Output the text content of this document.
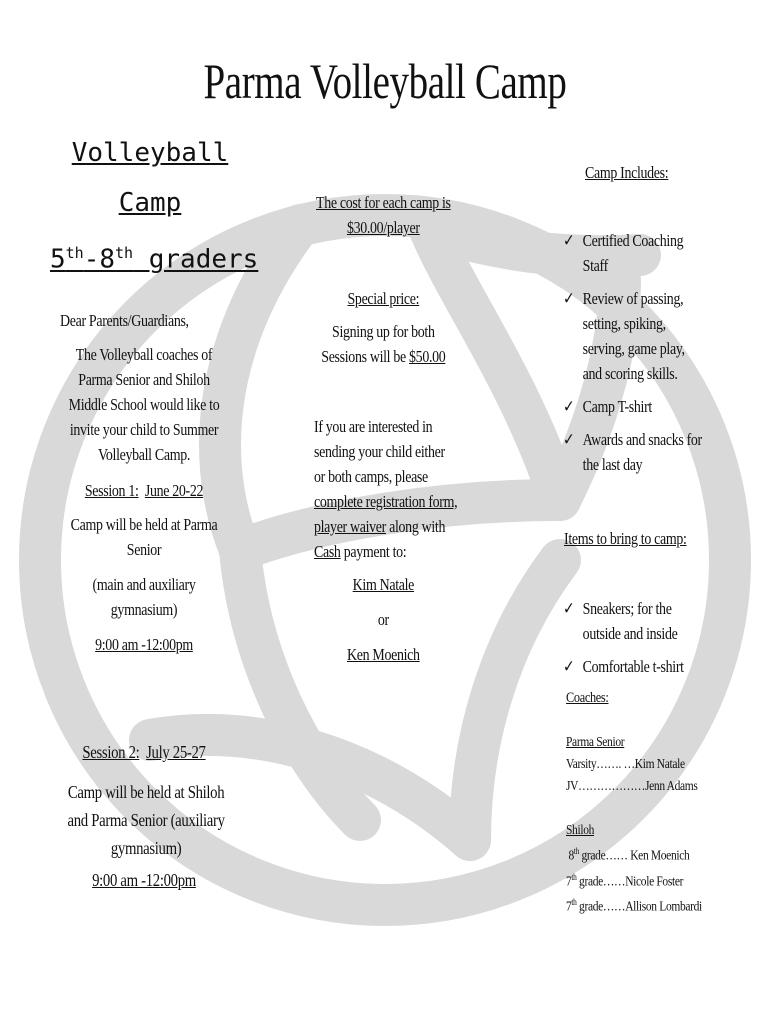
Parma Volleyball Camp
Volleyball
Camp
5th-8th graders
Dear Parents/Guardians,
The Volleyball coaches of Parma Senior and Shiloh Middle School would like to invite your child to Summer Volleyball Camp.
Session 1: June 20-22
Camp will be held at Parma Senior
(main and auxiliary gymnasium)
9:00 am -12:00pm
Session 2: July 25-27
Camp will be held at Shiloh and Parma Senior (auxiliary gymnasium)
9:00 am -12:00pm
The cost for each camp is
$30.00/player
Special price:
Signing up for both
Sessions will be $50.00
If you are interested in sending your child either or both camps, please complete registration form, player waiver along with Cash payment to:
Kim Natale
or
Ken Moenich
Camp Includes:
✓ Certified Coaching Staff
✓ Review of passing, setting, spiking, serving, game play, and scoring skills.
✓ Camp T-shirt
✓ Awards and snacks for the last day
Items to bring to camp:
✓ Sneakers; for the outside and inside
✓ Comfortable t-shirt
Coaches:
Parma Senior
Varsity……. …Kim Natale
JV………………Jenn Adams
Shiloh
8th grade…… Ken Moenich
7th grade……Nicole Foster
7th grade……Allison Lombardi
